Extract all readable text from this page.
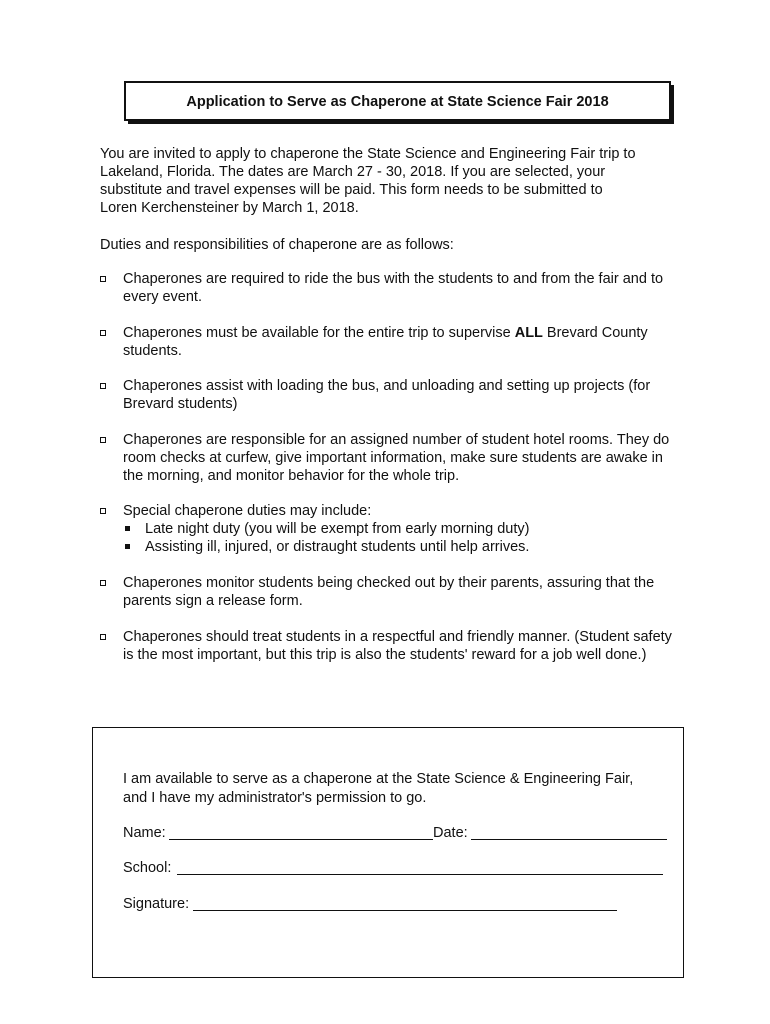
Application to Serve as Chaperone at State Science Fair 2018
You are invited to apply to chaperone the State Science and Engineering Fair trip to
Lakeland, Florida. The dates are March 27 - 30, 2018. If you are selected, your
substitute and travel expenses will be paid. This form needs to be submitted to
Loren Kerchensteiner by March 1, 2018.
Duties and responsibilities of chaperone are as follows:
Chaperones are required to ride the bus with the students to and from the fair and to every event.
Chaperones must be available for the entire trip to supervise ALL Brevard County students.
Chaperones assist with loading the bus, and unloading and setting up projects (for Brevard students)
Chaperones are responsible for an assigned number of student hotel rooms. They do room checks at curfew, give important information, make sure students are awake in the morning, and monitor behavior for the whole trip.
Special chaperone duties may include:
Late night duty (you will be exempt from early morning duty)
Assisting ill, injured, or distraught students until help arrives.
Chaperones monitor students being checked out by their parents, assuring that the parents sign a release form.
Chaperones should treat students in a respectful and friendly manner. (Student safety is the most important, but this trip is also the students' reward for a job well done.)
I am available to serve as a chaperone at the State Science & Engineering Fair,
and I have my administrator's permission to go.
Name:	Date:
School:
Signature:
